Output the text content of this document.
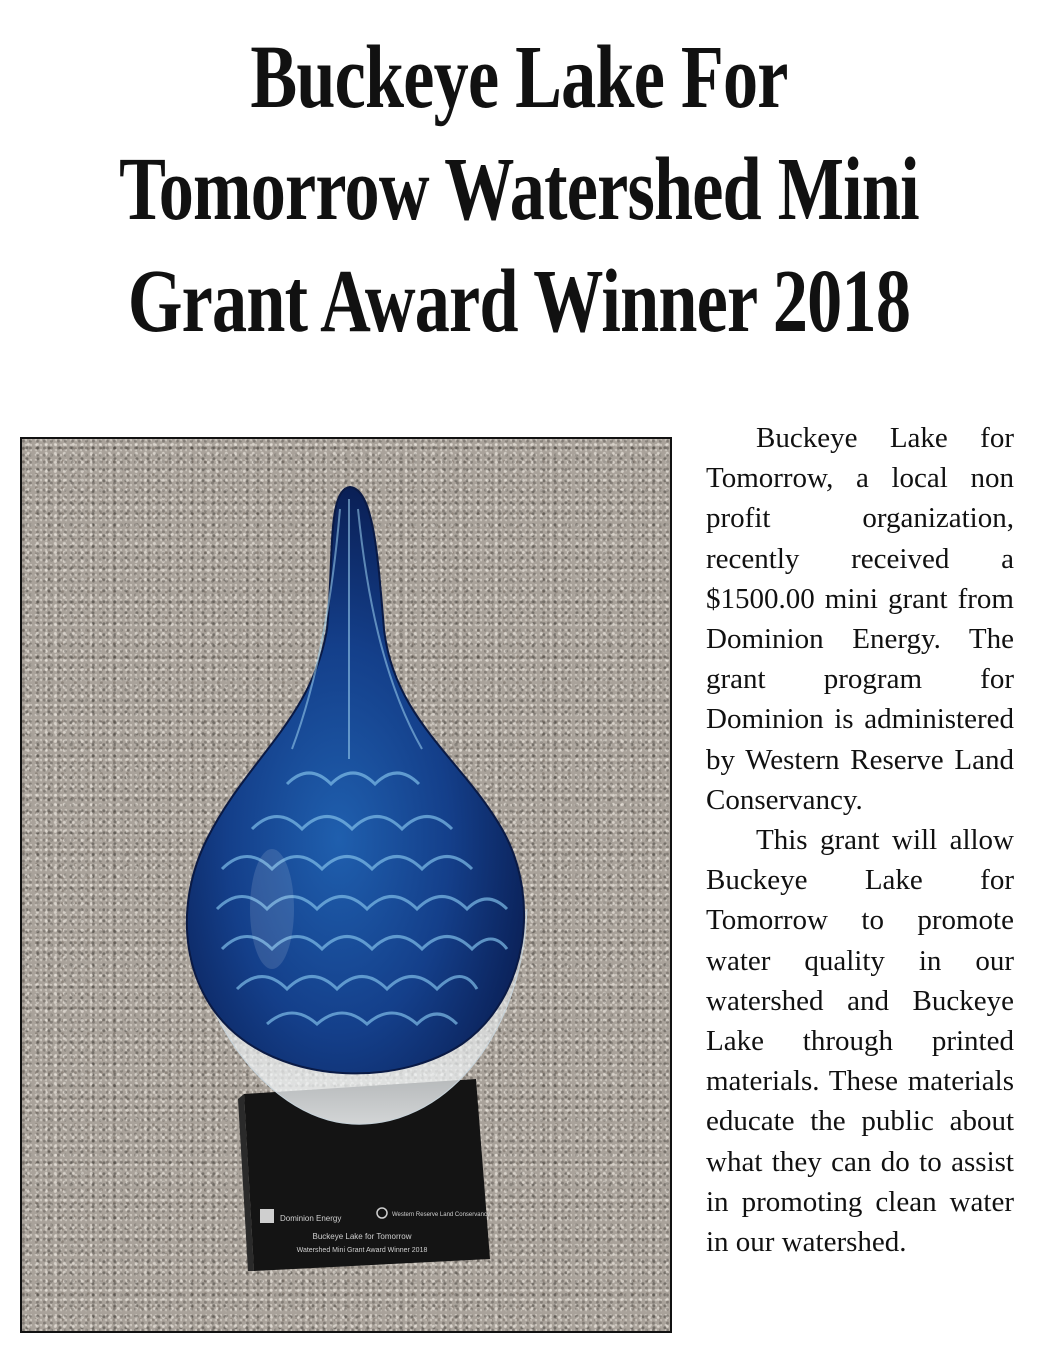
Buckeye Lake For
Tomorrow Watershed Mini
Grant Award Winner 2018
Dominion Energy	Western Reserve Land Conservancy
Buckeye Lake for Tomorrow
Watershed Mini Grant Award Winner 2018

Buckeye Lake for Tomorrow, a local non profit organization, recently received a $1500.00 mini grant from Dominion Energy. The grant program for Dominion is administered by Western Reserve Land Conservancy.

This grant will allow Buckeye Lake for Tomorrow to promote water quality in our watershed and Buckeye Lake through printed materials. These materials educate the public about what they can do to assist in promoting clean water in our watershed.
